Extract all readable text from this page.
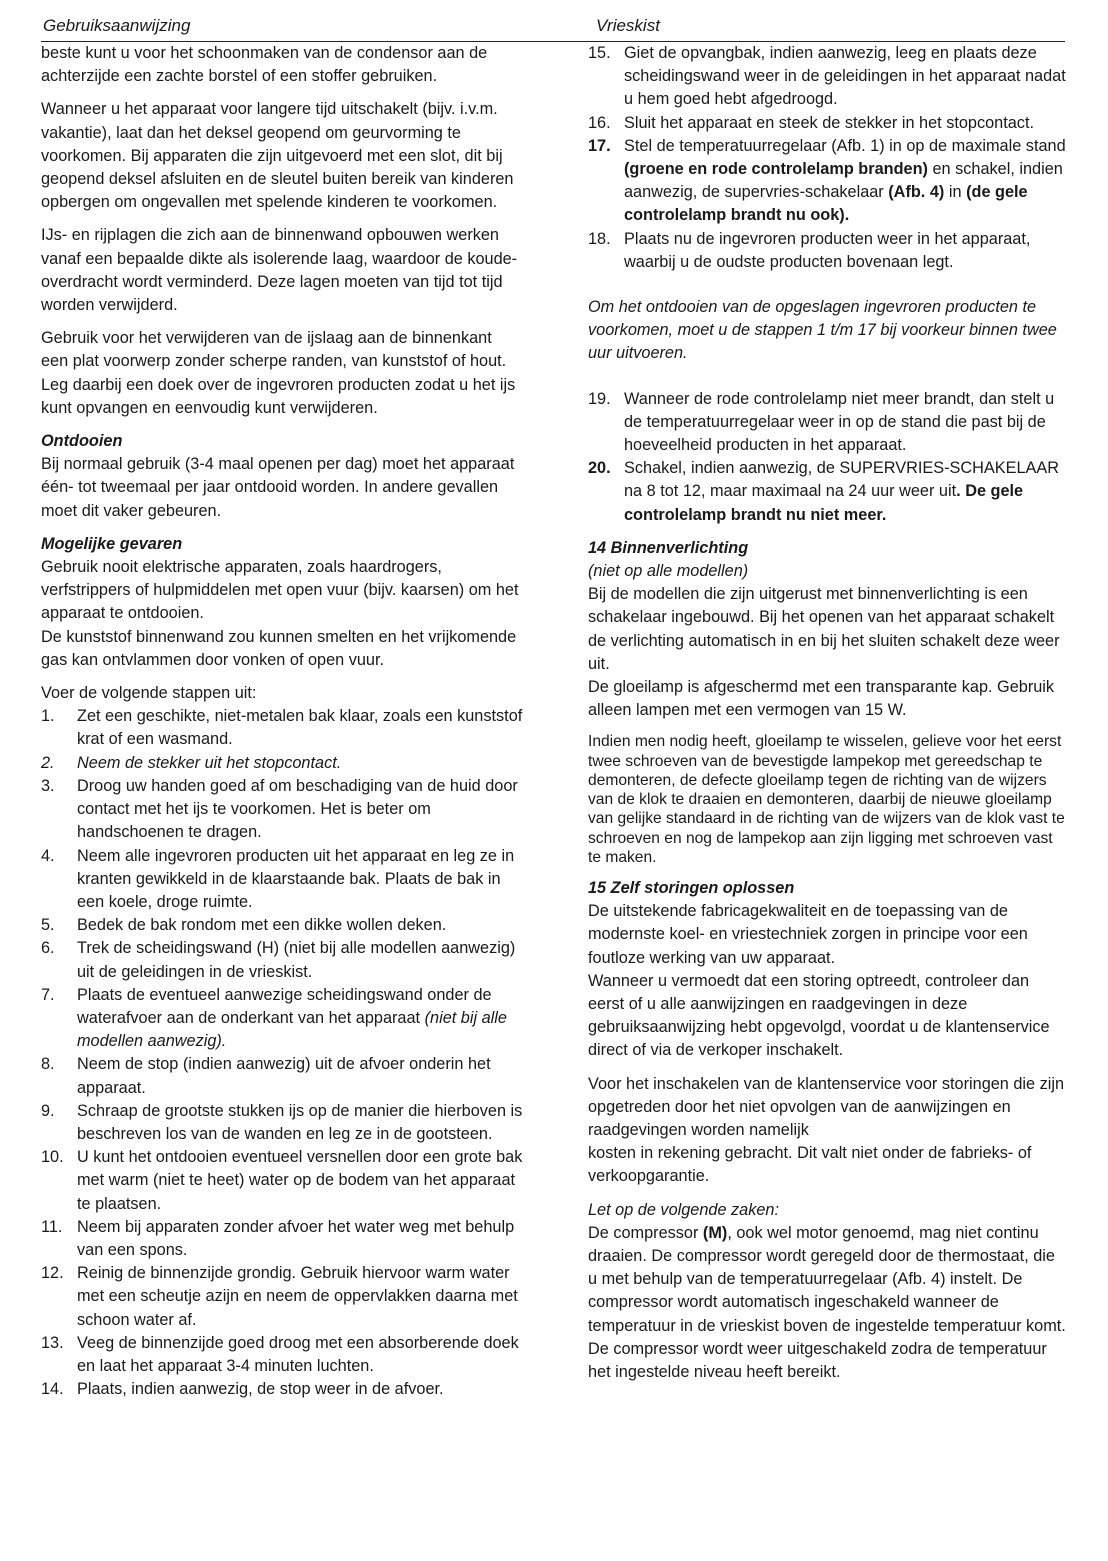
Gebruiksaanwijzing	Vrieskist

beste kunt u voor het schoonmaken van de condensor aan de achterzijde een zachte borstel of een stoffer gebruiken.

Wanneer u het apparaat voor langere tijd uitschakelt (bijv. i.v.m. vakantie), laat dan het deksel geopend om geurvorming te voorkomen. Bij apparaten die zijn uitgevoerd met een slot, dit bij geopend deksel afsluiten en de sleutel buiten bereik van kinderen opbergen om ongevallen met spelende kinderen te voorkomen.

IJs- en rijplagen die zich aan de binnenwand opbouwen werken vanaf een bepaalde dikte als isolerende laag, waardoor de koude-overdracht wordt verminderd. Deze lagen moeten van tijd tot tijd worden verwijderd.

Gebruik voor het verwijderen van de ijslaag aan de binnenkant een plat voorwerp zonder scherpe randen, van kunststof of hout.

Leg daarbij een doek over de ingevroren producten zodat u het ijs kunt opvangen en eenvoudig kunt verwijderen.

Ontdooien

Bij normaal gebruik (3-4 maal openen per dag) moet het apparaat één- tot tweemaal per jaar ontdooid worden. In andere gevallen moet dit vaker gebeuren.

Mogelijke gevaren

Gebruik nooit elektrische apparaten, zoals haardrogers, verfstrippers of hulpmiddelen met open vuur (bijv. kaarsen) om het apparaat te ontdooien.

De kunststof binnenwand zou kunnen smelten en het vrijkomende gas kan ontvlammen door vonken of open vuur.

Voer de volgende stappen uit:

1.	Zet een geschikte, niet-metalen bak klaar, zoals een kunststof krat of een wasmand.
2.	Neem de stekker uit het stopcontact.
3.	Droog uw handen goed af om beschadiging van de huid door contact met het ijs te voorkomen. Het is beter om handschoenen te dragen.
4.	Neem alle ingevroren producten uit het apparaat en leg ze in kranten gewikkeld in de klaarstaande bak. Plaats de bak in een koele, droge ruimte.
5.	Bedek de bak rondom met een dikke wollen deken.
6.	Trek de scheidingswand (H) (niet bij alle modellen aanwezig) uit de geleidingen in de vrieskist.
7.	Plaats de eventueel aanwezige scheidingswand onder de waterafvoer aan de onderkant van het apparaat (niet bij alle modellen aanwezig).
8.	Neem de stop (indien aanwezig) uit de afvoer onderin het apparaat.
9.	Schraap de grootste stukken ijs op de manier die hierboven is beschreven los van de wanden en leg ze in de gootsteen.
10. U kunt het ontdooien eventueel versnellen door een grote bak met warm (niet te heet) water op de bodem van het apparaat te plaatsen.
11. Neem bij apparaten zonder afvoer het water weg met behulp van een spons.
12. Reinig de binnenzijde grondig. Gebruik hiervoor warm water met een scheutje azijn en neem de oppervlakken daarna met schoon water af.
13. Veeg de binnenzijde goed droog met een absorberende doek en laat het apparaat 3-4 minuten luchten.
14. Plaats, indien aanwezig, de stop weer in de afvoer.
15. Giet de opvangbak, indien aanwezig, leeg en plaats deze scheidingswand weer in de geleidingen in het apparaat nadat u hem goed hebt afgedroogd.
16. Sluit het apparaat en steek de stekker in het stopcontact.
17. Stel de temperatuurregelaar (Afb. 1) in op de maximale stand (groene en rode controlelamp branden) en schakel, indien aanwezig, de supervries-schakelaar (Afb. 4) in (de gele controlelamp brandt nu ook).
18. Plaats nu de ingevroren producten weer in het apparaat, waarbij u de oudste producten bovenaan legt.

Om het ontdooien van de opgeslagen ingevroren producten te voorkomen, moet u de stappen 1 t/m 17 bij voorkeur binnen twee uur uitvoeren.

19. Wanneer de rode controlelamp niet meer brandt, dan stelt u de temperatuurregelaar weer in op de stand die past bij de hoeveelheid producten in het apparaat.
20. Schakel, indien aanwezig, de SUPERVRIES-SCHAKELAAR na 8 tot 12, maar maximaal na 24 uur weer uit. De gele controlelamp brandt nu niet meer.

14 Binnenverlichting

(niet op alle modellen)

Bij de modellen die zijn uitgerust met binnenverlichting is een schakelaar ingebouwd. Bij het openen van het apparaat schakelt de verlichting automatisch in en bij het sluiten schakelt deze weer uit.

De gloeilamp is afgeschermd met een transparante kap. Gebruik alleen lampen met een vermogen van 15 W.

Indien men nodig heeft, gloeilamp te wisselen, gelieve voor het eerst twee schroeven van de bevestigde lampekop met gereedschap te demonteren, de defecte gloeilamp tegen de richting van de wijzers van de klok te draaien en demonteren, daarbij de nieuwe gloeilamp van gelijke standaard in de richting van de wijzers van de klok vast te schroeven en nog de lampekop aan zijn ligging met schroeven vast te maken.

15 Zelf storingen oplossen

De uitstekende fabricagekwaliteit en de toepassing van de modernste koel- en vriestechniek zorgen in principe voor een foutloze werking van uw apparaat.

Wanneer u vermoedt dat een storing optreedt, controleer dan eerst of u alle aanwijzingen en raadgevingen in deze gebruiksaanwijzing hebt opgevolgd, voordat u de klantenservice direct of via de verkoper inschakelt.

Voor het inschakelen van de klantenservice voor storingen die zijn opgetreden door het niet opvolgen van de aanwijzingen en raadgevingen worden namelijk

kosten in rekening gebracht. Dit valt niet onder de fabrieks- of verkoopgarantie.

Let op de volgende zaken:

De compressor (M), ook wel motor genoemd, mag niet continu draaien. De compressor wordt geregeld door de thermostaat, die u met behulp van de temperatuurregelaar (Afb. 4) instelt. De compressor wordt automatisch ingeschakeld wanneer de temperatuur in de vrieskist boven de ingestelde temperatuur komt. De compressor wordt weer uitgeschakeld zodra de temperatuur het ingestelde niveau heeft bereikt.
